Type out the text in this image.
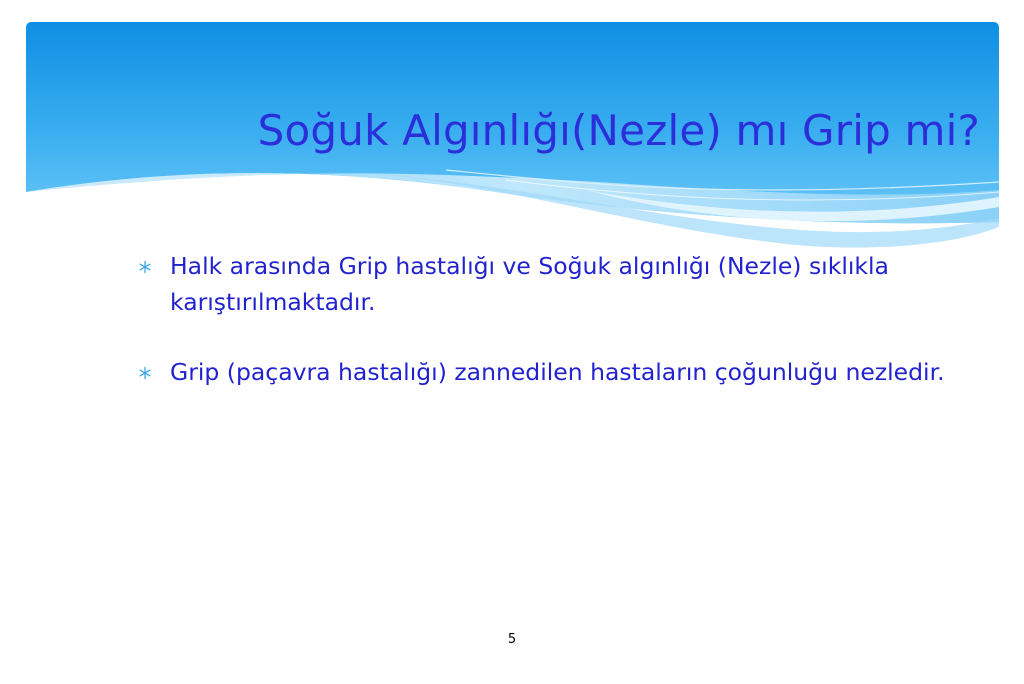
Soğuk Algınlığı(Nezle) mı Grip mi?
Halk arasında Grip hastalığı ve Soğuk algınlığı (Nezle) sıklıkla karıştırılmaktadır.
Grip (paçavra hastalığı) zannedilen hastaların çoğunluğu nezledir.
5
